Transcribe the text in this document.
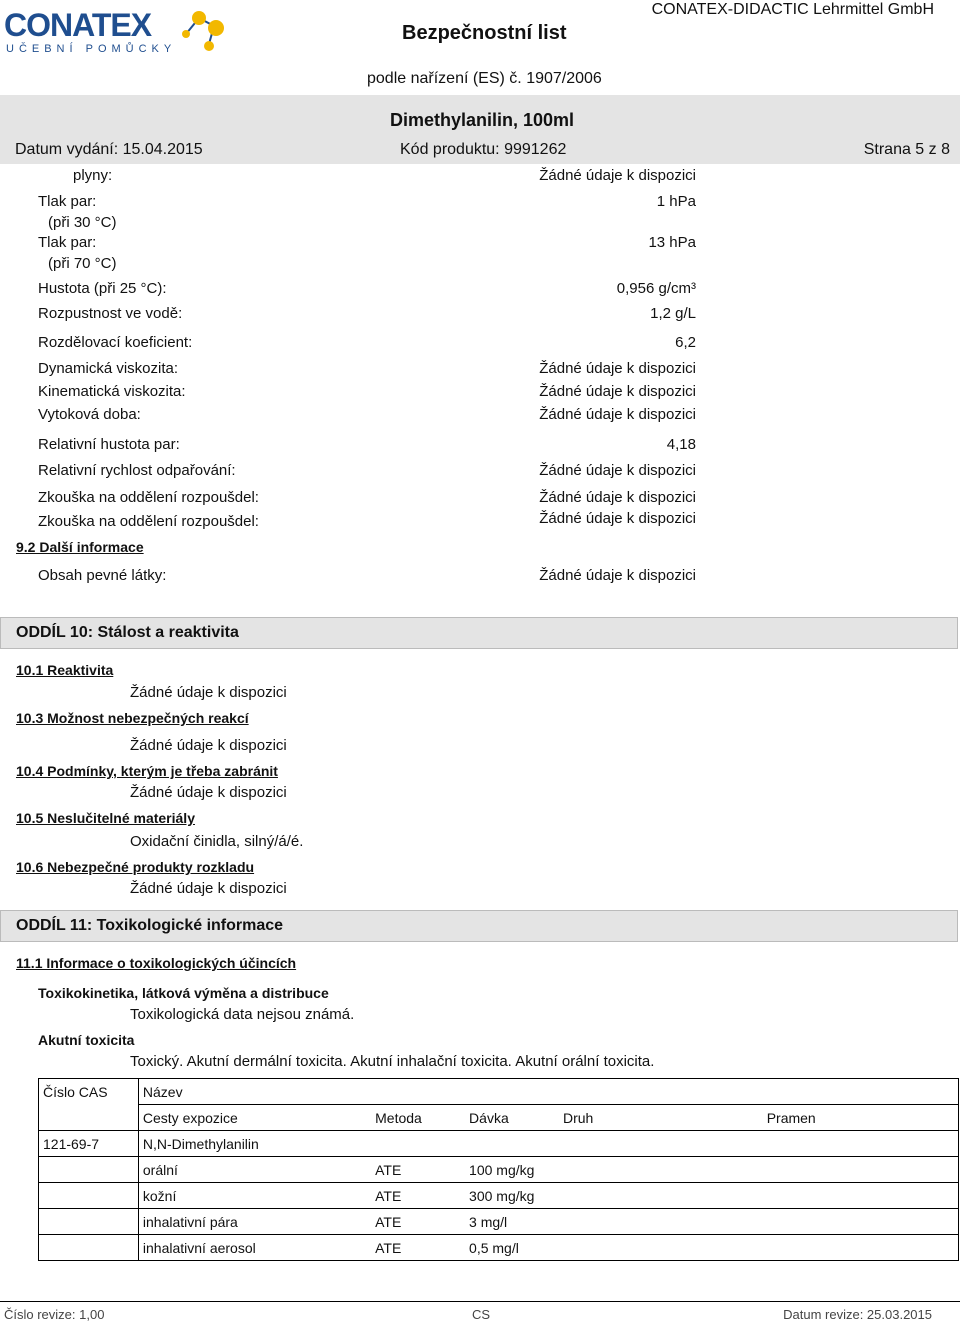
CONATEX
UČEBNÍ POMŮCKY
Bezpečnostní list
CONATEX-DIDACTIC Lehrmittel GmbH
podle nařízení (ES) č. 1907/2006
Dimethylanilin, 100ml
Datum vydání: 15.04.2015	Kód produktu: 9991262	Strana 5 z 8
plyny:	Žádné údaje k dispozici
Tlak par:	1 hPa
(při 30 °C)
Tlak par:	13 hPa
(při 70 °C)
Hustota (při 25 °C):	0,956 g/cm³
Rozpustnost ve vodě:	1,2 g/L
Rozdělovací koeficient:	6,2
Dynamická viskozita:	Žádné údaje k dispozici
Kinematická viskozita:	Žádné údaje k dispozici
Vytoková doba:	Žádné údaje k dispozici
Relativní hustota par:	4,18
Relativní rychlost odpařování:	Žádné údaje k dispozici
Zkouška na oddělení rozpoušdel:	Žádné údaje k dispozici
Zkouška na oddělení rozpoušdel:	Žádné údaje k dispozici
9.2 Další informace
Obsah pevné látky:	Žádné údaje k dispozici
ODDÍL 10: Stálost a reaktivita
10.1 Reaktivita
Žádné údaje k dispozici
10.3 Možnost nebezpečných reakcí
Žádné údaje k dispozici
10.4 Podmínky, kterým je třeba zabránit
Žádné údaje k dispozici
10.5 Neslučitelné materiály
Oxidační činidla, silný/á/é.
10.6 Nebezpečné produkty rozkladu
Žádné údaje k dispozici
ODDÍL 11: Toxikologické informace
11.1 Informace o toxikologických účincích
Toxikokinetika, látková výměna a distribuce
Toxikologická data nejsou známá.
Akutní toxicita
Toxický. Akutní dermální toxicita. Akutní inhalační toxicita. Akutní orální toxicita.
Číslo CAS	Název				
	Cesty expozice	Metoda	Dávka	Druh	Pramen
121-69-7	N,N-Dimethylanilin				
	orální	ATE	100 mg/kg		
	kožní	ATE	300 mg/kg		
	inhalativní pára	ATE	3 mg/l		
	inhalativní aerosol	ATE	0,5 mg/l		
Číslo revize: 1,00	CS	Datum revize: 25.03.2015
